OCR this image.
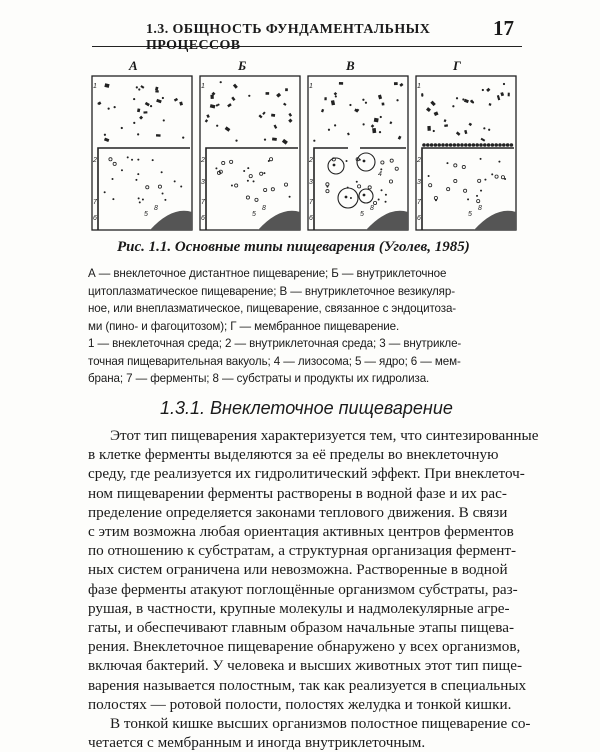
1.3. ОБЩНОСТЬ ФУНДАМЕНТАЛЬНЫХ ПРОЦЕССОВ
17
А	Б	В	Г
1
2
7
6
5
8
1
2
3
7
6
5
8
1
2
3
7
6
5
8
4
1
2
3
7
6
5
8
Рис. 1.1. Основные типы пищеварения (Уголев, 1985)

А — внеклеточное дистантное пищеварение; Б — внутриклеточное

цитоплазматическое пищеварение; В — внутриклеточное везикуляр-

ное, или внеплазматическое, пищеварение, связанное с эндоцитоза-

ми (пино- и фагоцитозом); Г — мембранное пищеварение.

1 — внеклеточная среда; 2 — внутриклеточная среда; 3 — внутрикле-

точная пищеварительная вакуоль; 4 — лизосома; 5 — ядро; 6 — мем-

брана; 7 — ферменты; 8 — субстраты и продукты их гидролиза.

1.3.1. Внеклеточное пищеварение

Этот тип пищеварения характеризуется тем, что синтезированные

в клетке ферменты выделяются за её пределы во внеклеточную

среду, где реализуется их гидролитический эффект. При внеклеточ-

ном пищеварении ферменты растворены в водной фазе и их рас-

пределение определяется законами теплового движения. В связи

с этим возможна любая ориентация активных центров ферментов

по отношению к субстратам, а структурная организация фермент-

ных систем ограничена или невозможна. Растворенные в водной

фазе ферменты атакуют поглощённые организмом субстраты, раз-

рушая, в частности, крупные молекулы и надмолекулярные агре-

гаты, и обеспечивают главным образом начальные этапы пищева-

рения. Внеклеточное пищеварение обнаружено у всех организмов,

включая бактерий. У человека и высших животных этот тип пище-

варения называется полостным, так как реализуется в специальных

полостях — ротовой полости, полостях желудка и тонкой кишки.

В тонкой кишке высших организмов полостное пищеварение со-

четается с мембранным и иногда внутриклеточным.
